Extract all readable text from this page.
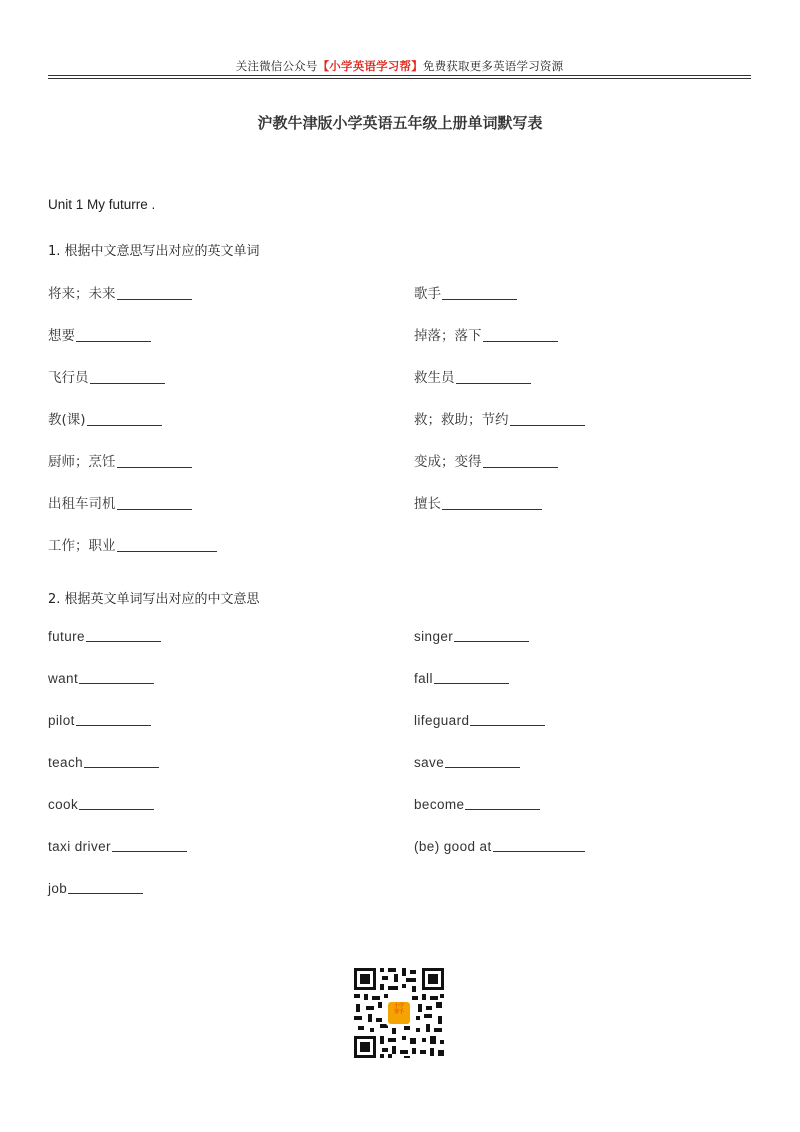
关注微信公众号【小学英语学习帮】免费获取更多英语学习资源
沪教牛津版小学英语五年级上册单词默写表
Unit 1 My futurre .
1. 根据中文意思写出对应的英文单词
将来；未来
想要
飞行员
教(课)
厨师；烹饪
出租车司机
工作；职业
歌手
掉落；落下
救生员
救；救助；节约
变成；变得
擅长
2. 根据英文单词写出对应的中文意思
future
want
pilot
teach
cook
taxi driver
job
singer
fall
lifeguard
save
become
(be) good at
小学
帮手
